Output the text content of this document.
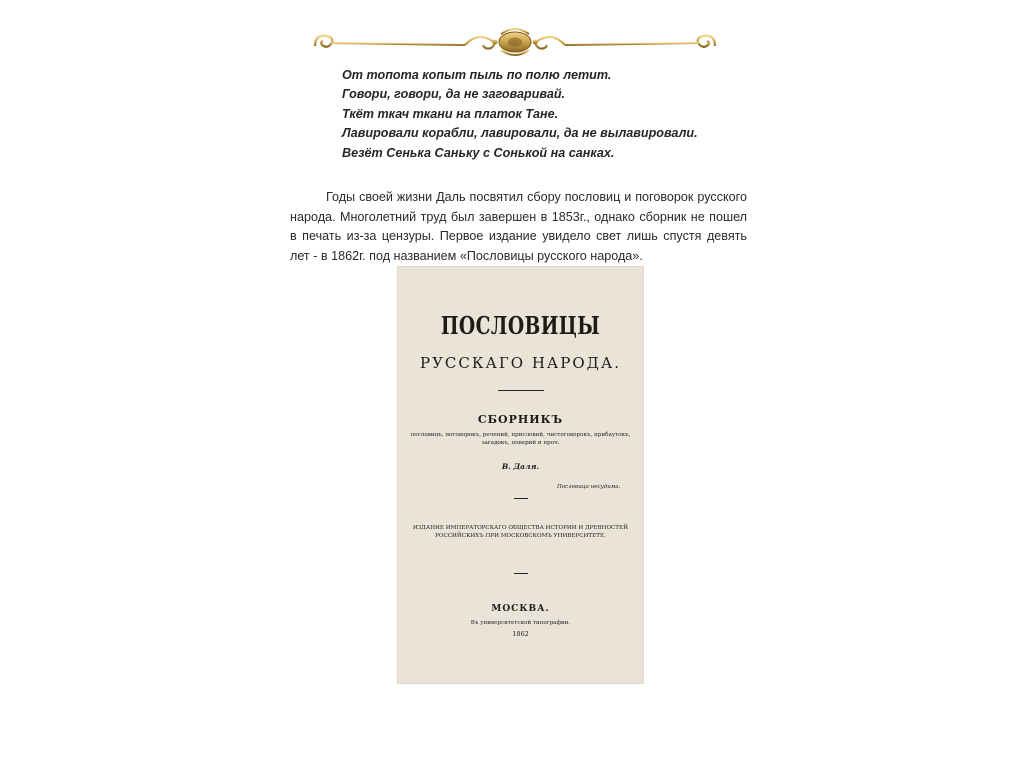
От топота копыт пыль по полю летит.
Говори, говори, да не заговаривай.
Ткёт ткач ткани на платок Тане.
Лавировали корабли, лавировали, да не вылавировали.
Везёт Сенька Саньку с Сонькой на санках.
Годы своей жизни Даль посвятил сбору пословиц и поговорок русского народа. Многолетний труд был завершен в 1853г., однако сборник не пошел в печать из-за цензуры. Первое издание увидело свет лишь спустя девять лет - в 1862г. под названием «Пословицы русского народа».
ПОСЛОВИЦЫ
РУССКАГО НАРОДА.
СБОРНИКЪ
пословицъ, поговорокъ, речений, присловий, чистоговорокъ, прибаутокъ, загадокъ, поверий и проч.
В. Даля.
Пословица несудима.
ИЗДАНИЕ ИМПЕРАТОРСКАГО ОБЩЕСТВА ИСТОРИИ И ДРЕВНОСТЕЙ РОССИЙСКИХЪ ПРИ МОСКОВСКОМЪ УНИВЕРСИТЕТЕ.
МОСКВА.
Въ университетской типографии.
1862
